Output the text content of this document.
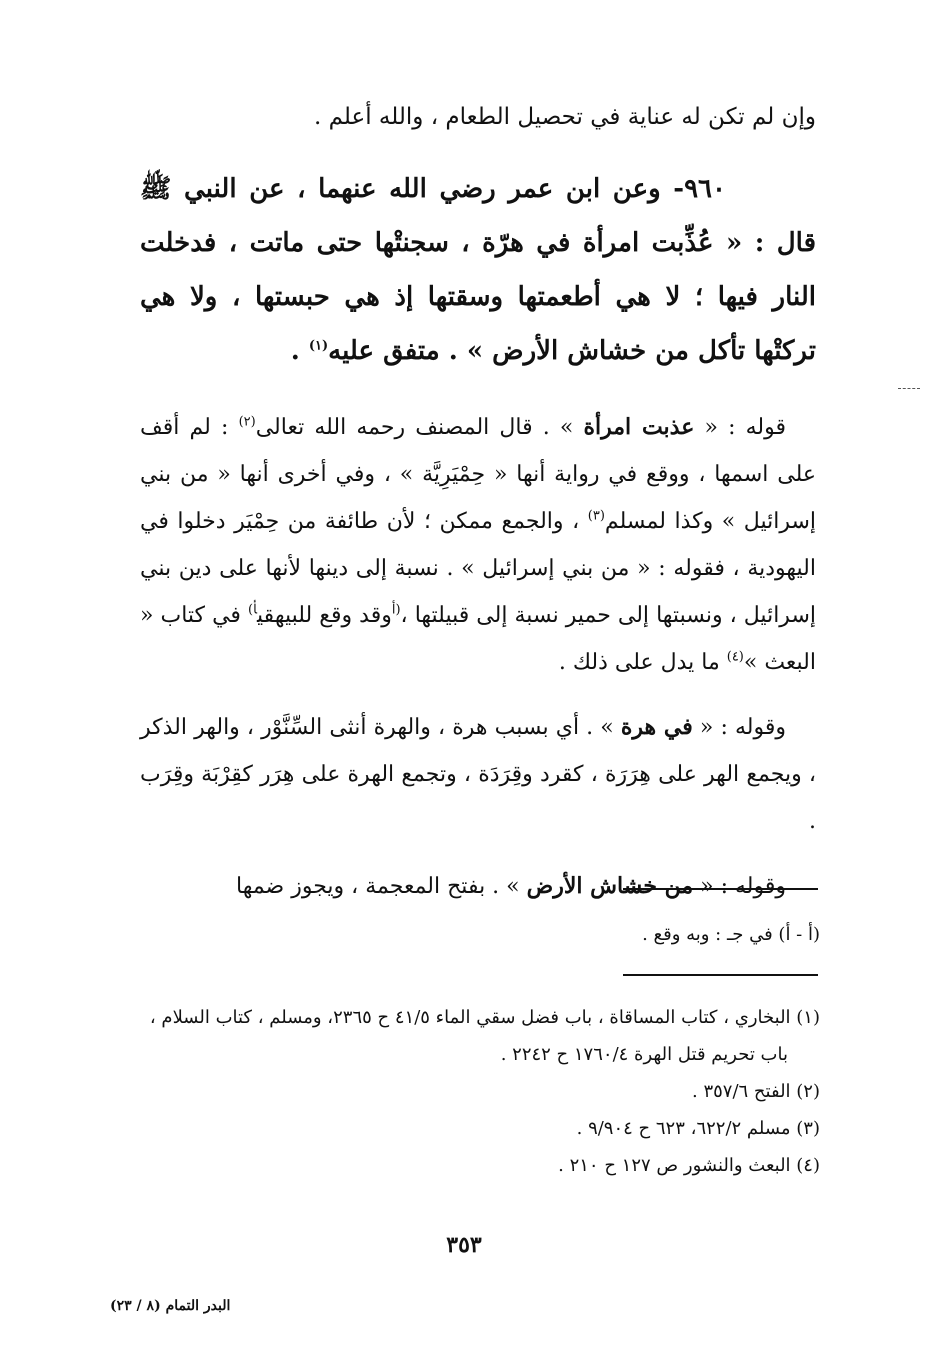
وإن لم تكن له عناية في تحصيل الطعام ، والله أعلم .

٩٦٠- وعن ابن عمر رضي الله عنهما ، عن النبي ﷺ قال : « عُذِّبت امرأة في هرّة ، سجنتْها حتى ماتت ، فدخلت النار فيها ؛ لا هي أطعمتها وسقتها إذ هي حبستها ، ولا هي تركتْها تأكل من خشاش الأرض » . متفق عليه$^{(١)}$ .

قوله : « عذبت امرأة » . قال المصنف رحمه الله تعالى$^{(٢)}$ : لم أقف على اسمها ، ووقع في رواية أنها « حِمْيَرِيَّة » ، وفي أخرى أنها « من بني إسرائيل » وكذا لمسلم$^{(٣)}$ ، والجمع ممكن ؛ لأن طائفة من حِمْيَر دخلوا في اليهودية ، فقوله : « من بني إسرائيل » . نسبة إلى دينها لأنها على دين بني إسرائيل ، ونسبتها إلى حمير نسبة إلى قبيلتها ،$^{(أ}$وقد وقع للبيهقي$^{أ)}$ في كتاب « البعث »$^{(٤)}$ ما يدل على ذلك .

وقوله : « في هرة » . أي بسبب هرة ، والهرة أنثى السِّنَّوْر ، والهر الذكر ، ويجمع الهر على هِرَرَة ، كقرد وقِرَدَة ، وتجمع الهرة على هِرَر كقِرْبَة وقِرَب .

وقوله : « من خشاش الأرض » . بفتح المعجمة ، ويجوز ضمها

(أ - أ) في جـ : وبه وقع .
(١) البخاري ، كتاب المساقاة ، باب فضل سقي الماء ٤١/٥ ح ٢٣٦٥، ومسلم ، كتاب السلام ،
باب تحريم قتل الهرة ١٧٦٠/٤ ح ٢٢٤٢ .
(٢) الفتح ٣٥٧/٦ .
(٣) مسلم ٦٢٢/٢، ٦٢٣ ح ٩/٩٠٤ .
(٤) البعث والنشور ص ١٢٧ ح ٢١٠ .
٣٥٣
البدر التمام (٨ / ٢٣)
